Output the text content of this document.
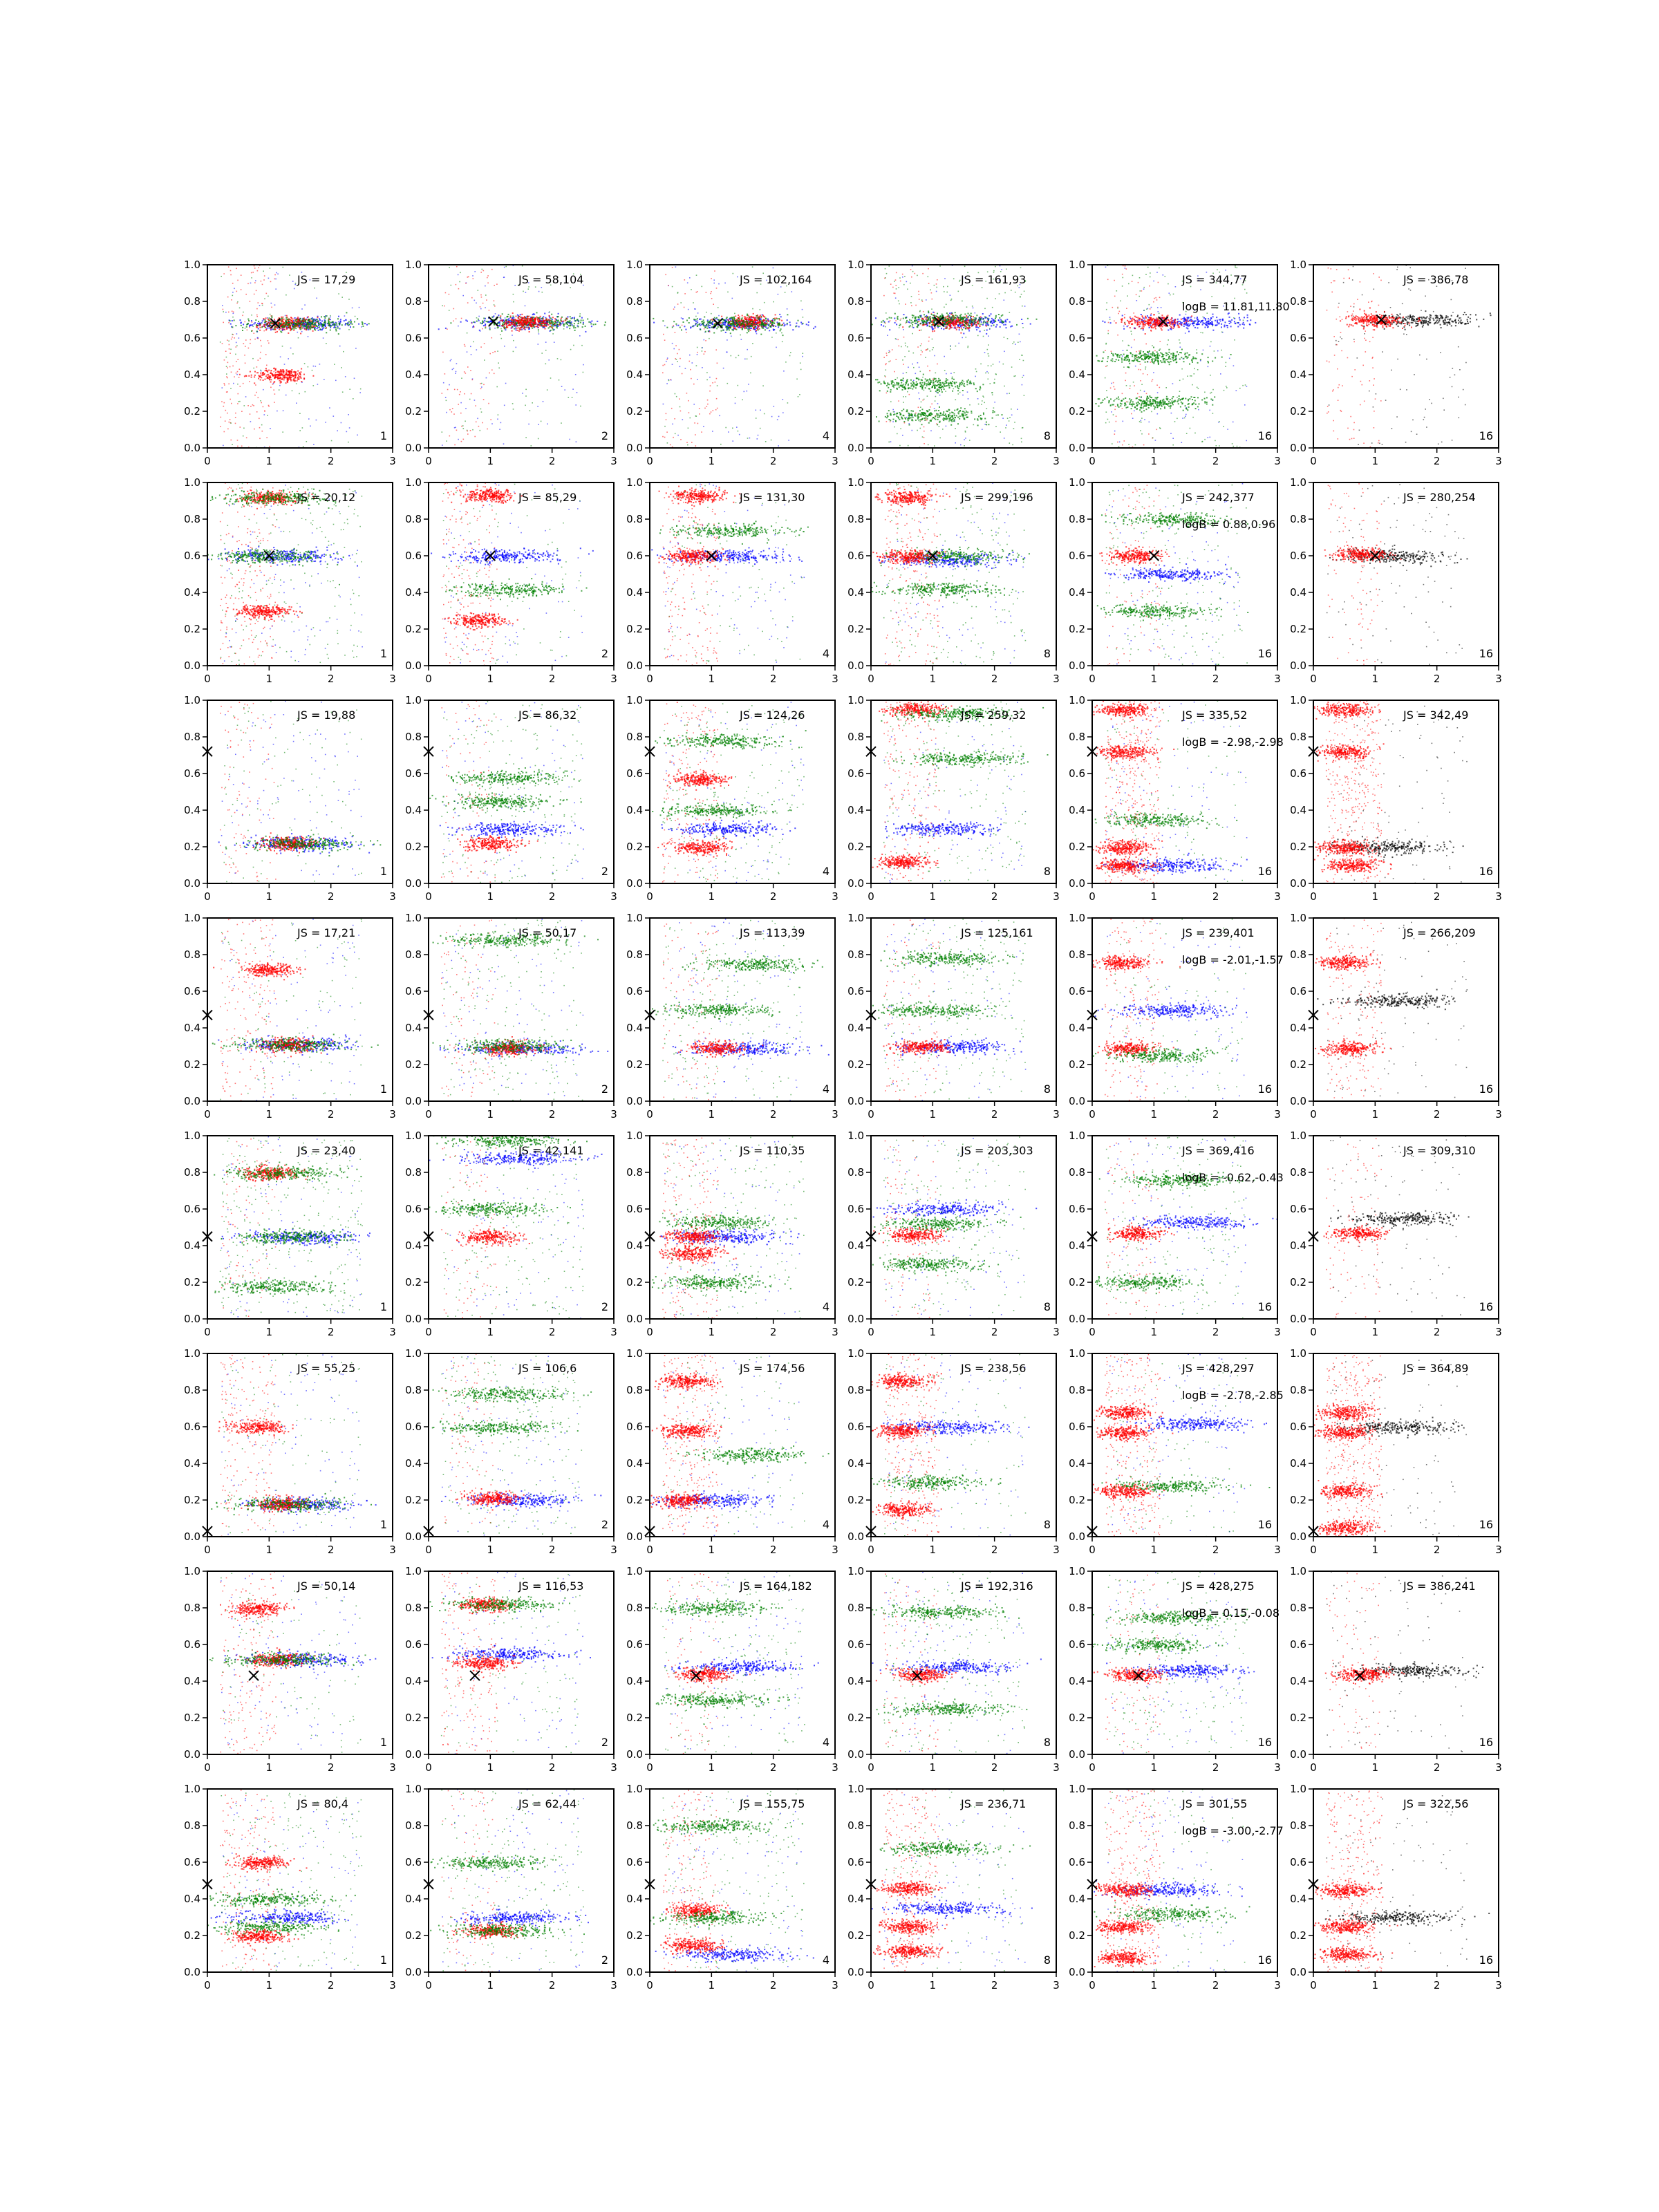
0	1	2	3
0.0
0.2
0.4
0.6
0.8
1.0
JS = 17,29
1
0	1	2	3
0.0
0.2
0.4
0.6
0.8
1.0
JS = 58,104
2
0	1	2	3
0.0
0.2
0.4
0.6
0.8
1.0
JS = 102,164
4
0	1	2	3
0.0
0.2
0.4
0.6
0.8
1.0
JS = 161,93
8
0	1	2	3
0.0
0.2
0.4
0.6
0.8
1.0
JS = 344,77
logB = 11.81,11.80
16
0	1	2	3
0.0
0.2
0.4
0.6
0.8
1.0
JS = 386,78
16
0	1	2	3
0.0
0.2
0.4
0.6
0.8
1.0
JS = 20,12
1
0	1	2	3
0.0
0.2
0.4
0.6
0.8
1.0
JS = 85,29
2
0	1	2	3
0.0
0.2
0.4
0.6
0.8
1.0
JS = 131,30
4
0	1	2	3
0.0
0.2
0.4
0.6
0.8
1.0
JS = 299,196
8
0	1	2	3
0.0
0.2
0.4
0.6
0.8
1.0
JS = 242,377
logB = 0.88,0.96
16
0	1	2	3
0.0
0.2
0.4
0.6
0.8
1.0
JS = 280,254
16
0	1	2	3
0.0
0.2
0.4
0.6
0.8
1.0
JS = 19,88
1
0	1	2	3
0.0
0.2
0.4
0.6
0.8
1.0
JS = 86,32
2
0	1	2	3
0.0
0.2
0.4
0.6
0.8
1.0
JS = 124,26
4
0	1	2	3
0.0
0.2
0.4
0.6
0.8
1.0
JS = 259,32
8
0	1	2	3
0.0
0.2
0.4
0.6
0.8
1.0
JS = 335,52
logB = -2.98,-2.98
16
0	1	2	3
0.0
0.2
0.4
0.6
0.8
1.0
JS = 342,49
16
0	1	2	3
0.0
0.2
0.4
0.6
0.8
1.0
JS = 17,21
1
0	1	2	3
0.0
0.2
0.4
0.6
0.8
1.0
JS = 50,17
2
0	1	2	3
0.0
0.2
0.4
0.6
0.8
1.0
JS = 113,39
4
0	1	2	3
0.0
0.2
0.4
0.6
0.8
1.0
JS = 125,161
8
0	1	2	3
0.0
0.2
0.4
0.6
0.8
1.0
JS = 239,401
logB = -2.01,-1.57
16
0	1	2	3
0.0
0.2
0.4
0.6
0.8
1.0
JS = 266,209
16
0	1	2	3
0.0
0.2
0.4
0.6
0.8
1.0
JS = 23,40
1
0	1	2	3
0.0
0.2
0.4
0.6
0.8
1.0
JS = 42,141
2
0	1	2	3
0.0
0.2
0.4
0.6
0.8
1.0
JS = 110,35
4
0	1	2	3
0.0
0.2
0.4
0.6
0.8
1.0
JS = 203,303
8
0	1	2	3
0.0
0.2
0.4
0.6
0.8
1.0
JS = 369,416
logB = -0.62,-0.43
16
0	1	2	3
0.0
0.2
0.4
0.6
0.8
1.0
JS = 309,310
16
0	1	2	3
0.0
0.2
0.4
0.6
0.8
1.0
JS = 55,25
1
0	1	2	3
0.0
0.2
0.4
0.6
0.8
1.0
JS = 106,6
2
0	1	2	3
0.0
0.2
0.4
0.6
0.8
1.0
JS = 174,56
4
0	1	2	3
0.0
0.2
0.4
0.6
0.8
1.0
JS = 238,56
8
0	1	2	3
0.0
0.2
0.4
0.6
0.8
1.0
JS = 428,297
logB = -2.78,-2.85
16
0	1	2	3
0.0
0.2
0.4
0.6
0.8
1.0
JS = 364,89
16
0	1	2	3
0.0
0.2
0.4
0.6
0.8
1.0
JS = 50,14
1
0	1	2	3
0.0
0.2
0.4
0.6
0.8
1.0
JS = 116,53
2
0	1	2	3
0.0
0.2
0.4
0.6
0.8
1.0
JS = 164,182
4
0	1	2	3
0.0
0.2
0.4
0.6
0.8
1.0
JS = 192,316
8
0	1	2	3
0.0
0.2
0.4
0.6
0.8
1.0
JS = 428,275
logB = 0.15,-0.08
16
0	1	2	3
0.0
0.2
0.4
0.6
0.8
1.0
JS = 386,241
16
0	1	2	3
0.0
0.2
0.4
0.6
0.8
1.0
JS = 80,4
1
0	1	2	3
0.0
0.2
0.4
0.6
0.8
1.0
JS = 62,44
2
0	1	2	3
0.0
0.2
0.4
0.6
0.8
1.0
JS = 155,75
4
0	1	2	3
0.0
0.2
0.4
0.6
0.8
1.0
JS = 236,71
8
0	1	2	3
0.0
0.2
0.4
0.6
0.8
1.0
JS = 301,55
logB = -3.00,-2.77
16
0	1	2	3
0.0
0.2
0.4
0.6
0.8
1.0
JS = 322,56
16
